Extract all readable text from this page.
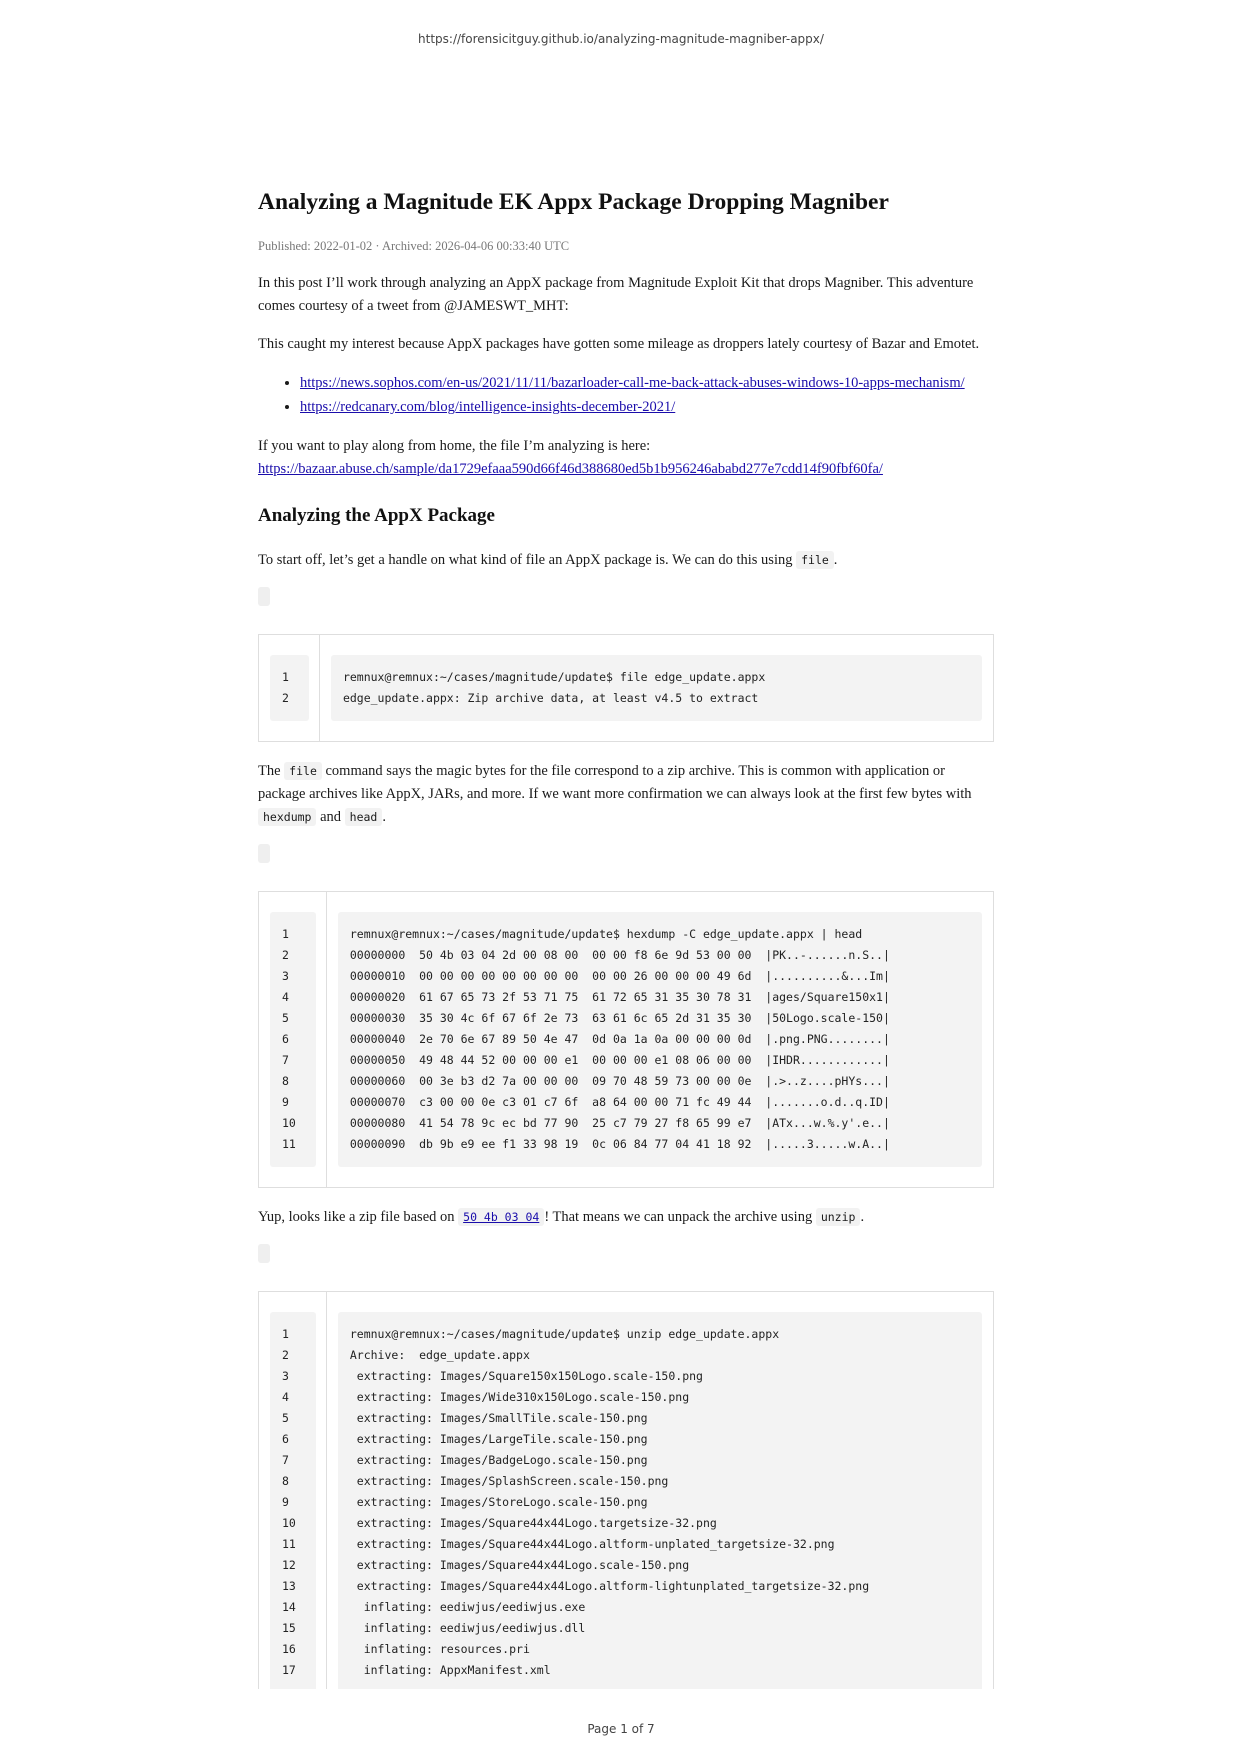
https://forensicitguy.github.io/analyzing-magnitude-magniber-appx/
Analyzing a Magnitude EK Appx Package Dropping Magniber
Published: 2022-01-02 · Archived: 2026-04-06 00:33:40 UTC

In this post I’ll work through analyzing an AppX package from Magnitude Exploit Kit that drops Magniber. This adventure comes courtesy of a tweet from @JAMESWT_MHT:

This caught my interest because AppX packages have gotten some mileage as droppers lately courtesy of Bazar and Emotet.

• https://news.sophos.com/en-us/2021/11/11/bazarloader-call-me-back-attack-abuses-windows-10-apps-mechanism/
• https://redcanary.com/blog/intelligence-insights-december-2021/

If you want to play along from home, the file I’m analyzing is here:
https://bazaar.abuse.ch/sample/da1729efaaa590d66f46d388680ed5b1b956246ababd277e7cdd14f90fbf60fa/

Analyzing the AppX Package

To start off, let’s get a handle on what kind of file an AppX package is. We can do this using file .

1
2
remnux@remnux:~/cases/magnitude/update$ file edge_update.appx
edge_update.appx: Zip archive data, at least v4.5 to extract

The file command says the magic bytes for the file correspond to a zip archive. This is common with application or package archives like AppX, JARs, and more. If we want more confirmation we can always look at the first few bytes with hexdump and head .

1
2
3
4
5
6
7
8
9
10
11
remnux@remnux:~/cases/magnitude/update$ hexdump -C edge_update.appx | head
00000000  50 4b 03 04 2d 00 08 00  00 00 f8 6e 9d 53 00 00  |PK..-......n.S..|
00000010  00 00 00 00 00 00 00 00  00 00 26 00 00 00 49 6d  |..........&...Im|
00000020  61 67 65 73 2f 53 71 75  61 72 65 31 35 30 78 31  |ages/Square150x1|
00000030  35 30 4c 6f 67 6f 2e 73  63 61 6c 65 2d 31 35 30  |50Logo.scale-150|
00000040  2e 70 6e 67 89 50 4e 47  0d 0a 1a 0a 00 00 00 0d  |.png.PNG........|
00000050  49 48 44 52 00 00 00 e1  00 00 00 e1 08 06 00 00  |IHDR............|
00000060  00 3e b3 d2 7a 00 00 00  09 70 48 59 73 00 00 0e  |.>..z....pHYs...|
00000070  c3 00 00 0e c3 01 c7 6f  a8 64 00 00 71 fc 49 44  |.......o.d..q.ID|
00000080  41 54 78 9c ec bd 77 90  25 c7 79 27 f8 65 99 e7  |ATx...w.%.y'.e..|
00000090  db 9b e9 ee f1 33 98 19  0c 06 84 77 04 41 18 92  |.....3.....w.A..|

Yup, looks like a zip file based on 50 4b 03 04 ! That means we can unpack the archive using unzip .

1
2
3
4
5
6
7
8
9
10
11
12
13
14
15
16
17
remnux@remnux:~/cases/magnitude/update$ unzip edge_update.appx
Archive:  edge_update.appx
extracting: Images/Square150x150Logo.scale-150.png
extracting: Images/Wide310x150Logo.scale-150.png
extracting: Images/SmallTile.scale-150.png
extracting: Images/LargeTile.scale-150.png
extracting: Images/BadgeLogo.scale-150.png
extracting: Images/SplashScreen.scale-150.png
extracting: Images/StoreLogo.scale-150.png
extracting: Images/Square44x44Logo.targetsize-32.png
extracting: Images/Square44x44Logo.altform-unplated_targetsize-32.png
extracting: Images/Square44x44Logo.scale-150.png
extracting: Images/Square44x44Logo.altform-lightunplated_targetsize-32.png
inflating: eediwjus/eediwjus.exe
inflating: eediwjus/eediwjus.dll
inflating: resources.pri
inflating: AppxManifest.xml
Page 1 of 7
